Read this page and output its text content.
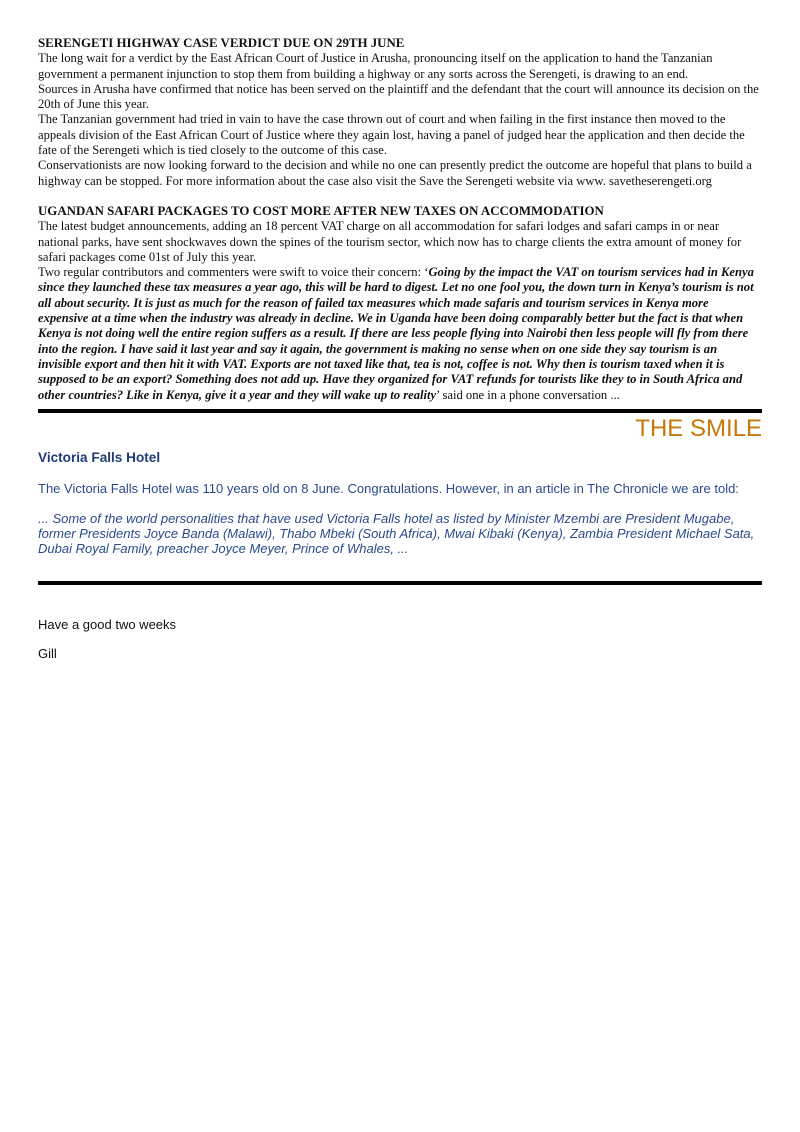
SERENGETI HIGHWAY CASE VERDICT DUE ON 29TH JUNE

The long wait for a verdict by the East African Court of Justice in Arusha, pronouncing itself on the application to hand the Tanzanian government a permanent injunction to stop them from building a highway or any sorts across the Serengeti, is drawing to an end.

Sources in Arusha have confirmed that notice has been served on the plaintiff and the defendant that the court will announce its decision on the 20th of June this year.

The Tanzanian government had tried in vain to have the case thrown out of court and when failing in the first instance then moved to the appeals division of the East African Court of Justice where they again lost, having a panel of judged hear the application and then decide the fate of the Serengeti which is tied closely to the outcome of this case.

Conservationists are now looking forward to the decision and while no one can presently predict the outcome are hopeful that plans to build a highway can be stopped. For more information about the case also visit the Save the Serengeti website via www. savetheserengeti.org

UGANDAN SAFARI PACKAGES TO COST MORE AFTER NEW TAXES ON ACCOMMODATION

The latest budget announcements, adding an 18 percent VAT charge on all accommodation for safari lodges and safari camps in or near national parks, have sent shockwaves down the spines of the tourism sector, which now has to charge clients the extra amount of money for safari packages come 01st of July this year.

Two regular contributors and commenters were swift to voice their concern: ‘Going by the impact the VAT on tourism services had in Kenya since they launched these tax measures a year ago, this will be hard to digest. Let no one fool you, the down turn in Kenya’s tourism is not all about security. It is just as much for the reason of failed tax measures which made safaris and tourism services in Kenya more expensive at a time when the industry was already in decline. We in Uganda have been doing comparably better but the fact is that when Kenya is not doing well the entire region suffers as a result. If there are less people flying into Nairobi then less people will fly from there into the region. I have said it last year and say it again, the government is making no sense when on one side they say tourism is an invisible export and then hit it with VAT. Exports are not taxed like that, tea is not, coffee is not. Why then is tourism taxed when it is supposed to be an export? Something does not add up. Have they organized for VAT refunds for tourists like they to in South Africa and other countries? Like in Kenya, give it a year and they will wake up to reality’ said one in a phone conversation ...

THE SMILE
Victoria Falls Hotel
The Victoria Falls Hotel was 110 years old on 8 June. Congratulations. However, in an article in The Chronicle we are told:
... Some of the world personalities that have used Victoria Falls hotel as listed by Minister Mzembi are President Mugabe, former Presidents Joyce Banda (Malawi), Thabo Mbeki (South Africa), Mwai Kibaki (Kenya), Zambia President Michael Sata, Dubai Royal Family, preacher Joyce Meyer, Prince of Whales, ...
Have a good two weeks
Gill
